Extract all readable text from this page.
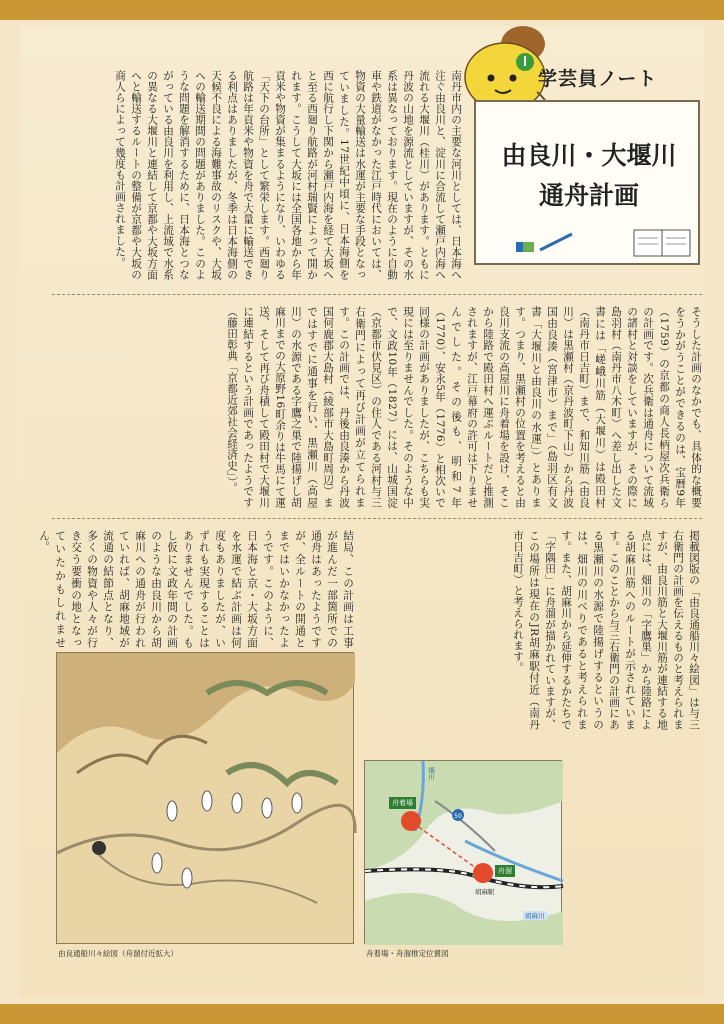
学芸員ノート
由良川・大堰川
通舟計画
南丹市内の主要な河川としては、日本海へ注ぐ由良川と、淀川に合流して瀬戸内海へ流れる大堰川（桂川）があります。ともに丹波の山地を源流としていますが、その水系は異なっております。現在のように自動車や鉄道がなかった江戸時代においては、物資の大量輸送は水運が主要な手段となっていました。17世紀中頃に、日本海側を西に航行し下関から瀬戸内海を経て大坂へと至る西廻り航路が河村瑞賢によって開かれます。こうして大坂には全国各地から年貢米や物資が集まるようになり、いわゆる「天下の台所」として繁栄します。西廻り航路は年貢米や物資を舟で大量に輸送できる利点はありましたが、冬季は日本海側の天候不良による海難事故のリスクや、大坂への輸送期間の問題がありました。このような問題を解消するために、日本海とつながっている由良川を利用し、上流域で水系の異なる大堰川と連結して京都や大坂方面へと輸送するルートの整備が京都や大坂の商人らによって幾度も計画されました。
そうした計画のなかでも、具体的な概要をうかがうことができるのは、宝暦9年（1759）の京都の商人長柄屋次兵衛らの計画です。次兵衛は通舟について流域の諸村と対談をしていますが、その際に島羽村（南丹市八木町）へ差し出した文書には「嵯峨川筋（大堰川）は殿田村（南丹市日吉町）まで、和知川筋（由良川）は黒瀬村（京丹波町下山）から丹波国由良湊（宮津市）まで」（島羽区有文書「大堰川と由良川の水運」）とあります。つまり、黒瀬村の位置を考えると由良川支流の高屋川に舟着場を設け、そこから陸路で殿田村へ運ぶルートだと推測されますが、江戸幕府の許可は下りませんでした。その後も、明和7年（1770）、安永5年（1776）と相次いで同様の計画がありましたが、こちらも実現には至りませんでした。そのような中で、文政10年（1827）には、山城国淀（京都市伏見区）の住人である河村与三右衛門によって再び計画が立てられます。この計画では、丹後由良湊から丹波国何鹿郡大島村（綾部市大島町周辺）まではすでに通事を行い、黒瀬川（高屋川）の水源である字鷹之巣で陸揚げし胡麻川までの大原野16町余りは牛馬にて運送、そして再び舟積して殿田村で大堰川に連結するという計画であったようです（藤田彰典「京都近郊社会経済史」）。
掲載図版の「由良通船川々絵図」は与三右衛門の計画を伝えるものと考えられますが、由良川筋と大堰川筋が連結する地点には、畑川の「字鷹巣」から陸路による胡麻川筋へのルートが示されています。このことから与三右衛門の計画にある黒瀬川の水源で陸揚げするというのは、畑川の川べりであると考えられます。また、胡麻川から延伸するかたちで「字隅田」に舟溜が描かれていますが、この場所は現在のJR胡麻駅付近（南丹市日吉町）と考えられます。
結局、この計画は工事が進んだ一部箇所での通舟はあったようですが、全ルートの開通とまではいかなかったようです。このように、日本海と京・大坂方面を水運で結ぶ計画は何度もありましたが、いずれも実現することはありませんでした。もし仮に文政年間の計画のような由良川から胡麻川への通舟が行われていれば、胡麻地域が流通の結節点となり、多くの物資や人々が行き交う要衝の地となっていたかもしれません。
由良通船川々絵図（舟溜付近拡大）
50
舟着場
舟溜
畑川
胡麻川
胡麻駅
舟着場・舟溜推定位置図
